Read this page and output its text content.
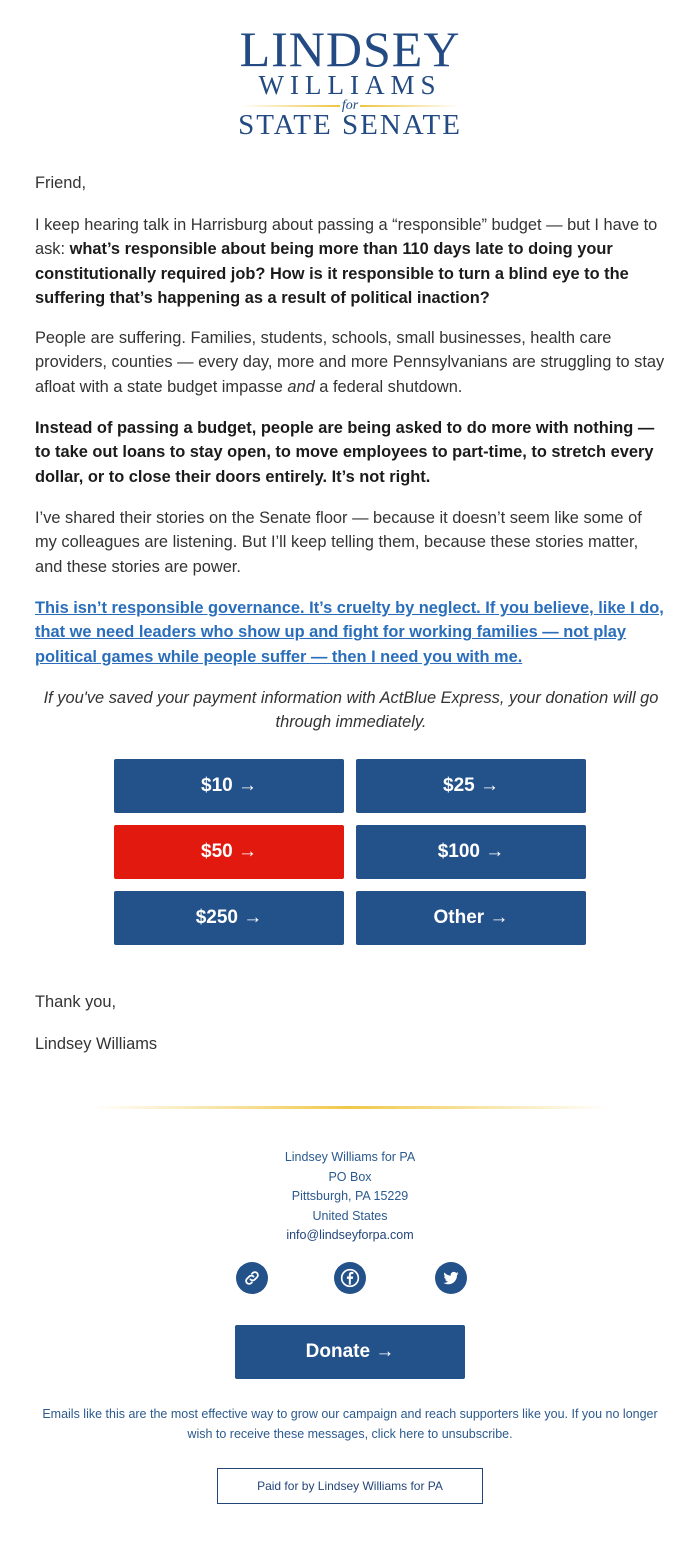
LINDSEY
WILLIAMS
for
STATE SENATE

Friend,

I keep hearing talk in Harrisburg about passing a “responsible” budget — but I have to ask: what’s responsible about being more than 110 days late to doing your constitutionally required job? How is it responsible to turn a blind eye to the suffering that’s happening as a result of political inaction?

People are suffering. Families, students, schools, small businesses, health care providers, counties — every day, more and more Pennsylvanians are struggling to stay afloat with a state budget impasse and a federal shutdown.

Instead of passing a budget, people are being asked to do more with nothing — to take out loans to stay open, to move employees to part-time, to stretch every dollar, or to close their doors entirely. It’s not right.

I’ve shared their stories on the Senate floor — because it doesn’t seem like some of my colleagues are listening. But I’ll keep telling them, because these stories matter, and these stories are power.

This isn’t responsible governance. It’s cruelty by neglect. If you believe, like I do, that we need leaders who show up and fight for working families — not play political games while people suffer — then I need you with me.

If you've saved your payment information with ActBlue Express, your donation will go through immediately.

$10 →	$25 →
$50 →	$100 →
$250 →	Other →

Thank you,

Lindsey Williams

Lindsey Williams for PA
PO Box
Pittsburgh, PA 15229
United States
info@lindseyforpa.com
Donate →
Emails like this are the most effective way to grow our campaign and reach supporters like you. If you no longer wish to receive these messages, click here to unsubscribe.
Paid for by Lindsey Williams for PA
